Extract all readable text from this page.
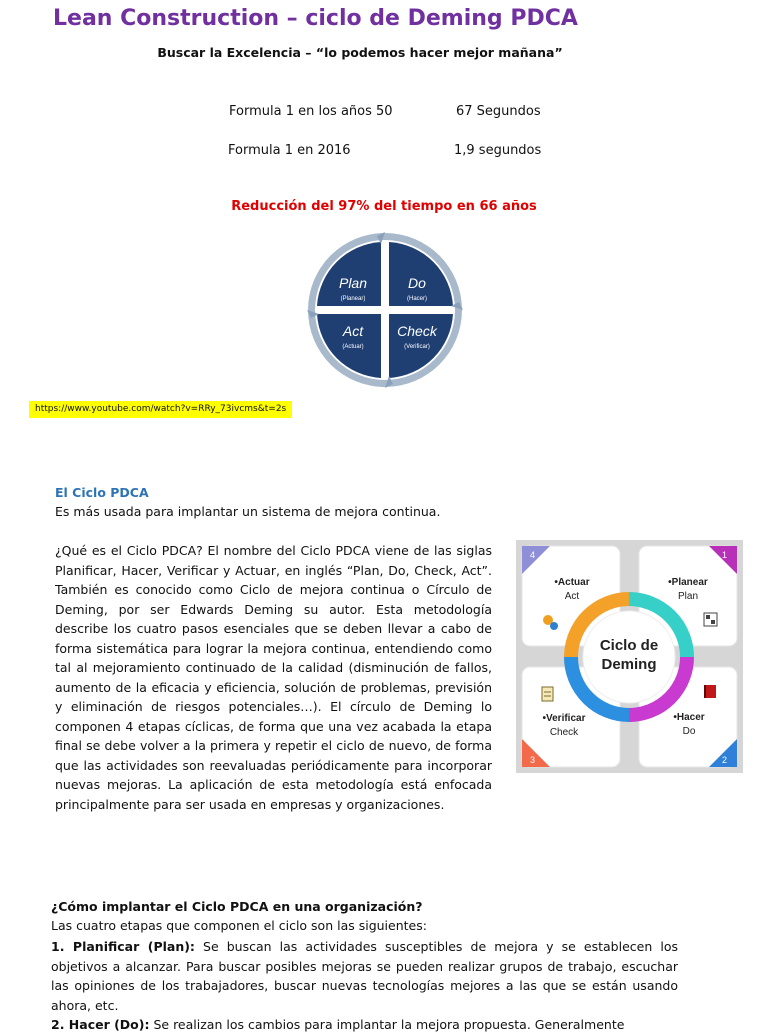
Lean Construction – ciclo de Deming PDCA
Buscar la Excelencia – “lo podemos hacer mejor mañana”
Formula 1 en los años 50	67 Segundos
Formula 1 en 2016	1,9 segundos
Reducción del 97% del tiempo en 66 años
Plan
(Planear)
Do
(Hacer)
Act
(Actuar)
Check
(Verificar)
https://www.youtube.com/watch?v=RRy_73ivcms&t=2s
El Ciclo PDCA
Es más usada para implantar un sistema de mejora continua.
¿Qué es el Ciclo PDCA? El nombre del Ciclo PDCA viene de las siglas Planificar, Hacer, Verificar y Actuar, en inglés “Plan, Do, Check, Act”. También es conocido como Ciclo de mejora continua o Círculo de Deming, por ser Edwards Deming su autor. Esta metodología describe los cuatro pasos esenciales que se deben llevar a cabo de forma sistemática para lograr la mejora continua, entendiendo como tal al mejoramiento continuado de la calidad (disminución de fallos, aumento de la eficacia y eficiencia, solución de problemas, previsión y eliminación de riesgos potenciales…). El círculo de Deming lo componen 4 etapas cíclicas, de forma que una vez acabada la etapa final se debe volver a la primera y repetir el ciclo de nuevo, de forma que las actividades son reevaluadas periódicamente para incorporar nuevas mejoras. La aplicación de esta metodología está enfocada principalmente para ser usada en empresas y organizaciones.
4	1
3	2
Ciclo de
Deming
•Actuar
Act
•Planear
Plan
•Verificar
Check
•Hacer
Do
¿Cómo implantar el Ciclo PDCA en una organización?
Las cuatro etapas que componen el ciclo son las siguientes:
1. Planificar (Plan): Se buscan las actividades susceptibles de mejora y se establecen los objetivos a alcanzar. Para buscar posibles mejoras se pueden realizar grupos de trabajo, escuchar las opiniones de los trabajadores, buscar nuevas tecnologías mejores a las que se están usando ahora, etc.
2. Hacer (Do): Se realizan los cambios para implantar la mejora propuesta. Generalmente
